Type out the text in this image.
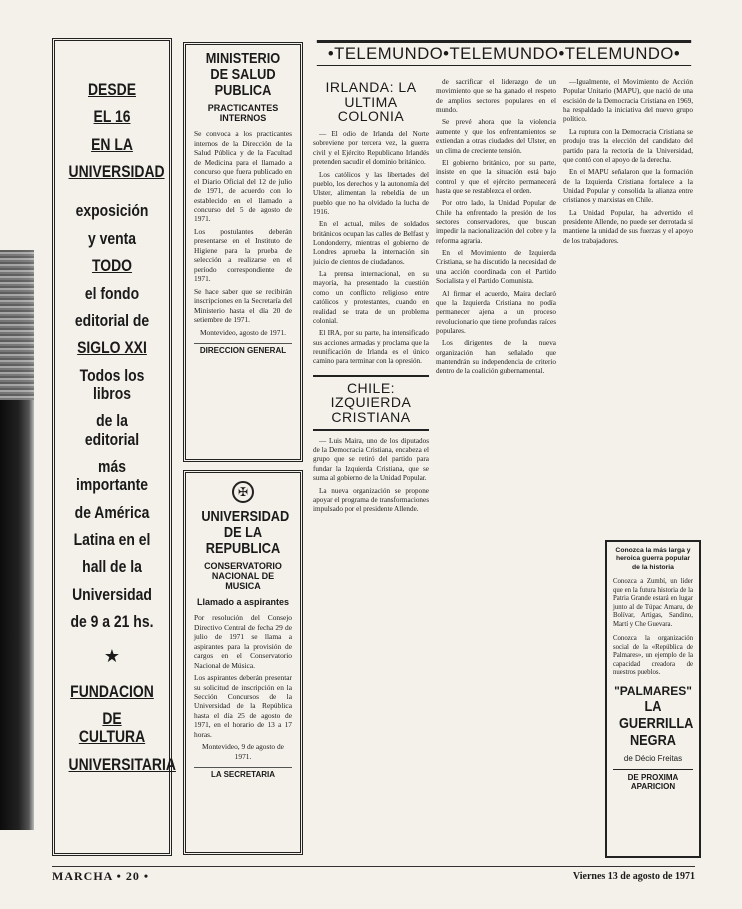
DESDE
EL 16
EN LA
UNIVERSIDAD
exposición
y venta
TODO
el fondo
editorial de
SIGLO XXI
Todos los libros
de la editorial
más importante
de América
Latina en el
hall de la
Universidad
de 9 a 21 hs.
★
FUNDACION
DE CULTURA
UNIVERSITARIA
MINISTERIO DE SALUD PUBLICA
PRACTICANTES INTERNOS

Se convoca a los practicantes internos de la Dirección de la Salud Pública y de la Facultad de Medicina para el llamado a concurso que fuera publicado en el Diario Oficial del 12 de julio de 1971, de acuerdo con lo establecido en el llamado a concurso del 5 de agosto de 1971.

Los postulantes deberán presentarse en el Instituto de Higiene para la prueba de selección a realizarse en el período correspondiente de 1971.

Se hace saber que se recibirán inscripciones en la Secretaría del Ministerio hasta el día 20 de setiembre de 1971.

Montevideo, agosto de 1971.

DIRECCION GENERAL
✠
UNIVERSIDAD DE LA REPUBLICA
CONSERVATORIO NACIONAL DE MUSICA
Llamado a aspirantes

Por resolución del Consejo Directivo Central de fecha 29 de julio de 1971 se llama a aspirantes para la provisión de cargos en el Conservatorio Nacional de Música.

Los aspirantes deberán presentar su solicitud de inscripción en la Sección Concursos de la Universidad de la República hasta el día 25 de agosto de 1971, en el horario de 13 a 17 horas.

Montevideo, 9 de agosto de 1971.

LA SECRETARIA
•TELEMUNDO•TELEMUNDO•TELEMUNDO•
IRLANDA: LA ULTIMA COLONIA

— El odio de Irlanda del Norte sobreviene por tercera vez, la guerra civil y el Ejército Republicano Irlandés pretenden sacudir el dominio británico.

Los católicos y las libertades del pueblo, los derechos y la autonomía del Ulster, alimentan la rebeldía de un pueblo que no ha olvidado la lucha de 1916.

En el actual, miles de soldados británicos ocupan las calles de Belfast y Londonderry, mientras el gobierno de Londres aprueba la internación sin juicio de cientos de ciudadanos.

La prensa internacional, en su mayoría, ha presentado la cuestión como un conflicto religioso entre católicos y protestantes, cuando en realidad se trata de un problema colonial.

El IRA, por su parte, ha intensificado sus acciones armadas y proclama que la reunificación de Irlanda es el único camino para terminar con la opresión.

CHILE: IZQUIERDA CRISTIANA

— Luis Maira, uno de los diputados de la Democracia Cristiana, encabeza el grupo que se retiró del partido para fundar la Izquierda Cristiana, que se suma al gobierno de la Unidad Popular.

La nueva organización se propone apoyar el programa de transformaciones impulsado por el presidente Allende.

de sacrificar el liderazgo de un movimiento que se ha ganado el respeto de amplios sectores populares en el mundo.

Se prevé ahora que la violencia aumente y que los enfrentamientos se extiendan a otras ciudades del Ulster, en un clima de creciente tensión.

El gobierno británico, por su parte, insiste en que la situación está bajo control y que el ejército permanecerá hasta que se restablezca el orden.

Por otro lado, la Unidad Popular de Chile ha enfrentado la presión de los sectores conservadores, que buscan impedir la nacionalización del cobre y la reforma agraria.

En el Movimiento de Izquierda Cristiana, se ha discutido la necesidad de una acción coordinada con el Partido Socialista y el Partido Comunista.

Al firmar el acuerdo, Maira declaró que la Izquierda Cristiana no podía permanecer ajena a un proceso revolucionario que tiene profundas raíces populares.

Los dirigentes de la nueva organización han señalado que mantendrán su independencia de criterio dentro de la coalición gubernamental.

—Igualmente, el Movimiento de Acción Popular Unitario (MAPU), que nació de una escisión de la Democracia Cristiana en 1969, ha respaldado la iniciativa del nuevo grupo político.

La ruptura con la Democracia Cristiana se produjo tras la elección del candidato del partido para la rectoría de la Universidad, que contó con el apoyo de la derecha.

En el MAPU señalaron que la formación de la Izquierda Cristiana fortalece a la Unidad Popular y consolida la alianza entre cristianos y marxistas en Chile.

La Unidad Popular, ha advertido el presidente Allende, no puede ser derrotada si mantiene la unidad de sus fuerzas y el apoyo de los trabajadores.

Conozca la más larga y heroica guerra popular de la historia
Conozca a Zumbí, un líder que en la futura historia de la Patria Grande estará en lugar junto al de Túpac Amaru, de Bolívar, Artigas, Sandino, Martí y Che Guevara.
Conozca la organización social de la «República de Palmares», un ejemplo de la capacidad creadora de nuestros pueblos.
"PALMARES"
LA GUERRILLA
NEGRA
de Décio Freitas
DE PROXIMA APARICION
MARCHA • 20 •	Viernes 13 de agosto de 1971
